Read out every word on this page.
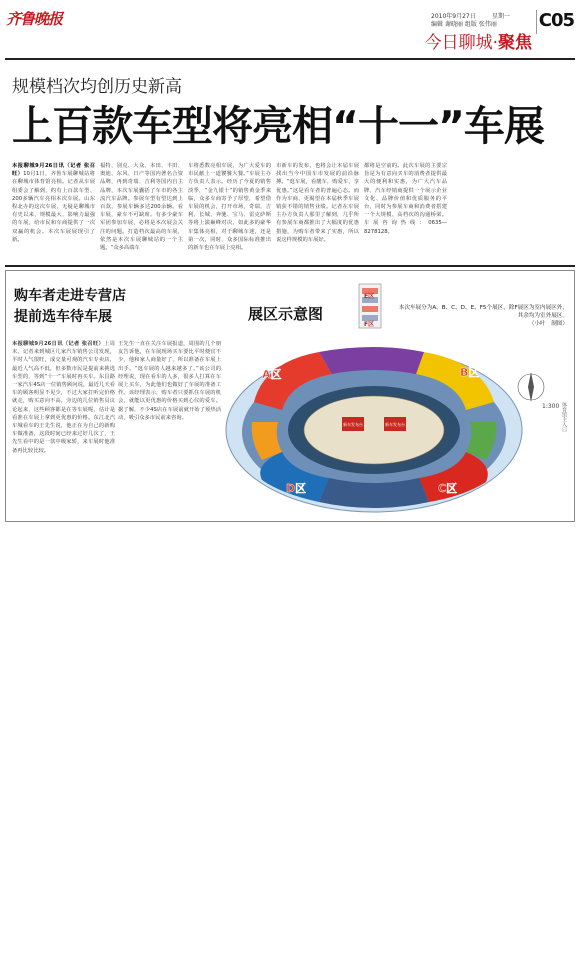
齐鲁晚报	2010年9月27日	星期一
编辑 谢晓丽 组版 张伟丽 C05
今日聊城·聚焦
规模档次均创历史新高
上百款车型将亮相“十一”车展
本报聊城9月26日讯（记者 张召旺）10月1日，齐鲁车展聊城站将在聊城市体育馆亮相。记者从车展组委会了解到，约有上百款车型、200多辆汽车亮相本次车展。山东程北办的这次车展，无疑是聊城市有史以来，规模最大、影响力最强的车展，给市民和车商提供了一次双赢的机会。本次车展展现引了新。
福特、别克、大众、本田、丰田、奥迪、东风、日产等国内著名合资品牌，再到奇瑞、吉利等国内自主品牌，本次车展囊括了车市的各主流汽车品牌。参展车型有望达到上百款，参展车辆多达200余辆。看车展，豪车不可缺席。有多少豪车军团参加车展，必将是本次展会关注的问题。打造档次最高的车展，依然是本次车展聊城站的一个主题。“众多高端车
车将悉数亮相车展，为广大爱车的市民献上一道饕餮大餐。”车展主办方负责人表示。经历了今夏的销售淡季，“金九银十”的销售黄金季来临，众多车商寄予了厚望，希望借车展的机会，打开市场，奇瑞、吉利、长城、奔驰、宝马、雷克萨斯等将上演巅峰对决，如此多的豪华车集体亮相，对于聊城车迷，还是第一次，同时，众多国际标准推出的新车也在车展上亮相。
市新车的发布，也将会让本届车展找出当今中国车市发展的前沿脉搏。“逛车展，看靓车，购爱车，享优惠。”这是看车者的普遍心态。而作为车商，更渴望在本届秋季车展销获不错的销售业绩。记者在车展主办方负责人那里了解到，几乎所有参展车商都推出了大幅度的优惠措施，为购车者带来了实惠，所以说这样规模的车展好。
都将是空前的。此次车展的主要宗旨是为有意向买车的消费者提供最大的便利和实惠，为广大汽车品牌、汽车经销商提供一个展示企业文化、品牌价值和优质服务的平台，同时为参展车商和消费者搭建一个大规模、高档次的沟通桥梁。车展咨询热线：0635—8278128。
购车者走进专营店
提前选车待车展
本报聊城9月26日讯（记者 张召旺）上周末，记者来到城区几家汽车销售公司发现，平时人气很旺，成交量可观的汽车专卖店，最近人气高不低，但多数市民是提前来挑选车型的，等到“十一”车展时再买车。东昌路一家汽车4S店一位销售顾问说，最近几天看车的顾客明显不见少，不过大家打听完价格就走，购买意向不高，旁边的几位销售员议论起来，这些顾客都是在等车展呢，估计是看准在车展上拿到更优惠的价格。东江北汽车城看车的王先生说，他正在为自己的新购车做准备，这段时间已经来过好几次了，王先生看中的是一款中级家轿，来车展时他准备再比较比较。
王先生一直在关注车展报道，周围的几个朋友告诉他，在车展现场买车要比平时便宜不少，他和家人商量好了，所以准备在车展上出手。“逛车展的人越来越多了。”该公司的经理说，现在看车的人多，很多人打算在车展上买车，为此他们也做好了车展的准备工作。该经理表示，购车者只要抓住车展的机会，就能以更优惠的价格买到心仪的爱车。据了解，不少4S店在车展前就开始了预热活动，吸引众多市民前来咨询。
展区示意图	本次车展分为A、B、C、D、E、F5个展区，除F展区为室内展区外，其余均为室外展区。
（小叶　制图）
新车发布台	新车发布台
A区	B区
C区
D区
E区
F区
1:300 体育馆主入口
